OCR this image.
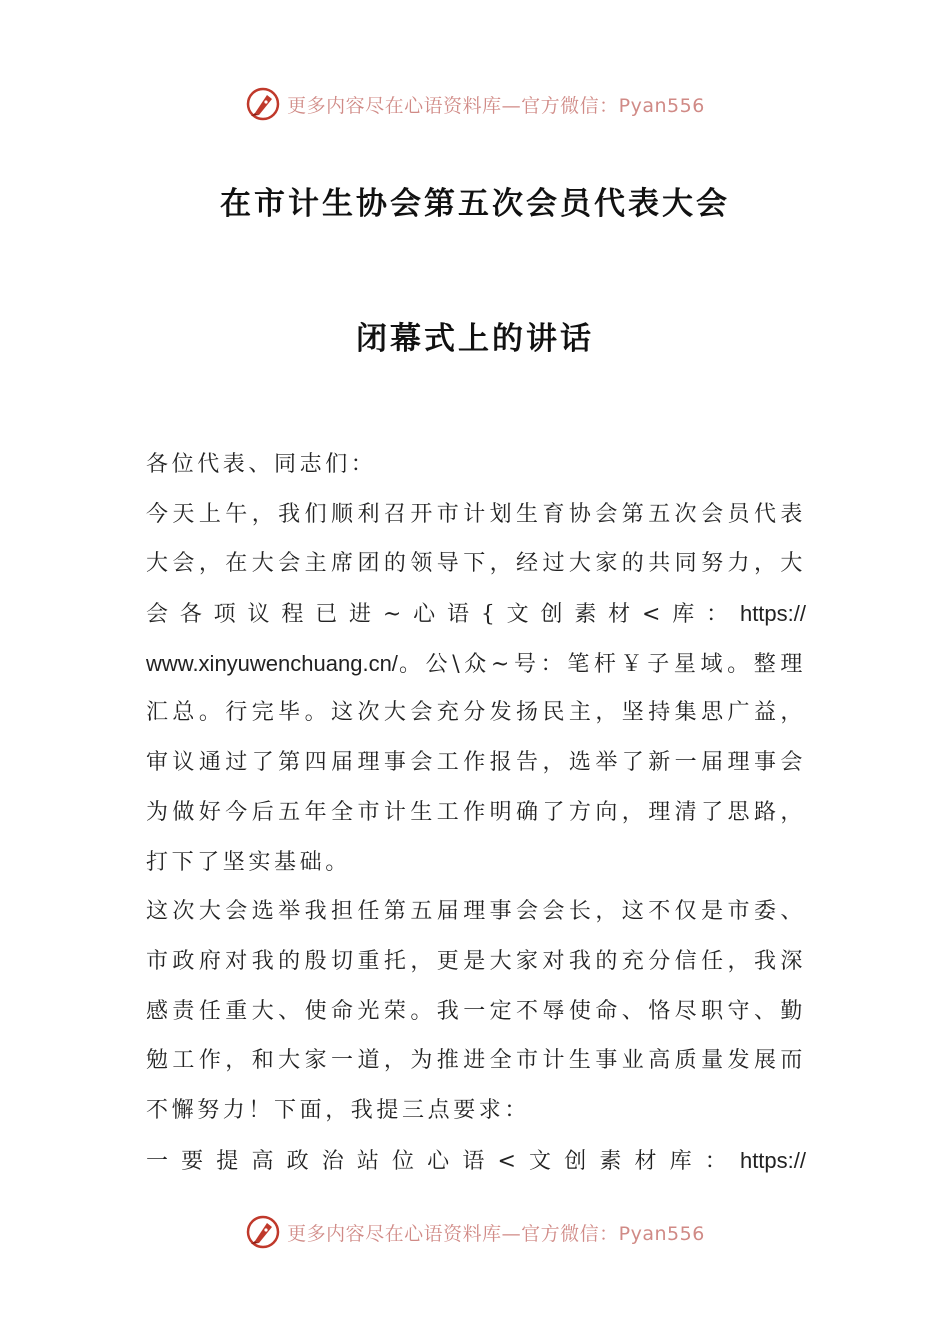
更多内容尽在心语资料库—官方微信：Pyan556
在市计生协会第五次会员代表大会
闭幕式上的讲话
各位代表、同志们：
今天上午，我们顺利召开市计划生育协会第五次会员代表
大会，在大会主席团的领导下，经过大家的共同努力，大
会各项议程已进~心语{文创素材<库：https://
www.xinyuwenchuang.cn/。公\众~号：笔杆￥子星域。整理
汇总。行完毕。这次大会充分发扬民主，坚持集思广益，
审议通过了第四届理事会工作报告，选举了新一届理事会
为做好今后五年全市计生工作明确了方向，理清了思路，
打下了坚实基础。
这次大会选举我担任第五届理事会会长，这不仅是市委、
市政府对我的殷切重托，更是大家对我的充分信任，我深
感责任重大、使命光荣。我一定不辱使命、恪尽职守、勤
勉工作，和大家一道，为推进全市计生事业高质量发展而
不懈努力！下面，我提三点要求：
一要提高政治站位心语<文创素材库：https://
更多内容尽在心语资料库—官方微信：Pyan556
